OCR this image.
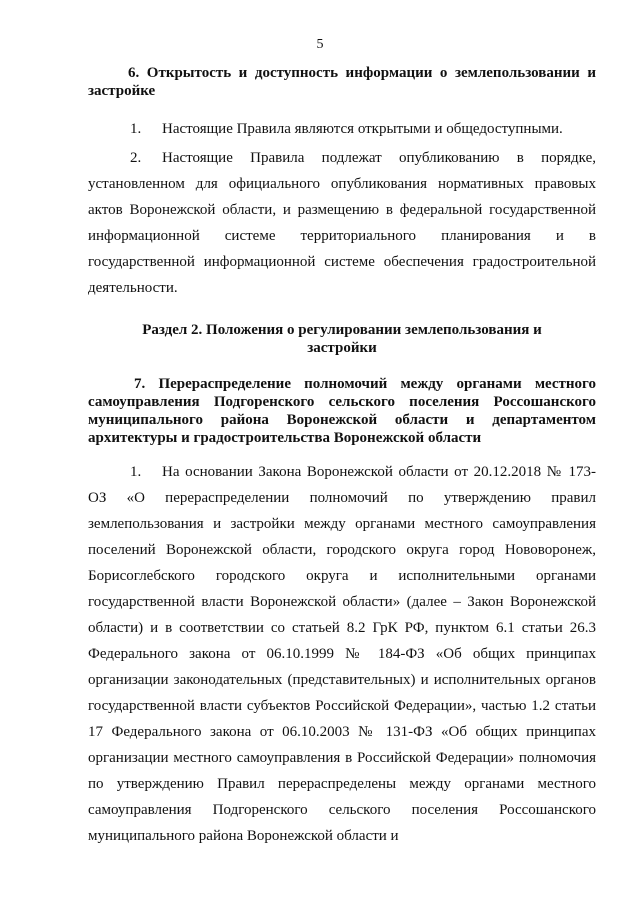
5

6. Открытость и доступность информации о землепользовании и застройке

1. Настоящие Правила являются открытыми и общедоступными.

2. Настоящие Правила подлежат опубликованию в порядке, установленном для официального опубликования нормативных правовых актов Воронежской области, и размещению в федеральной государственной информационной системе территориального планирования и в государственной информационной системе обеспечения градостроительной деятельности.

Раздел 2. Положения о регулировании землепользования и застройки

7. Перераспределение полномочий между органами местного самоуправления Подгоренского сельского поселения Россошанского муниципального района Воронежской области и департаментом архитектуры и градостроительства Воронежской области

1. На основании Закона Воронежской области от 20.12.2018 № 173-ОЗ «О перераспределении полномочий по утверждению правил землепользования и застройки между органами местного самоуправления поселений Воронежской области, городского округа город Нововоронеж, Борисоглебского городского округа и исполнительными органами государственной власти Воронежской области» (далее – Закон Воронежской области) и в соответствии со статьей 8.2 ГрК РФ, пунктом 6.1 статьи 26.3 Федерального закона от 06.10.1999 № 184-ФЗ «Об общих принципах организации законодательных (представительных) и исполнительных органов государственной власти субъектов Российской Федерации», частью 1.2 статьи 17 Федерального закона от 06.10.2003 № 131-ФЗ «Об общих принципах организации местного самоуправления в Российской Федерации» полномочия по утверждению Правил перераспределены между органами местного самоуправления Подгоренского сельского поселения Россошанского муниципального района Воронежской области и
